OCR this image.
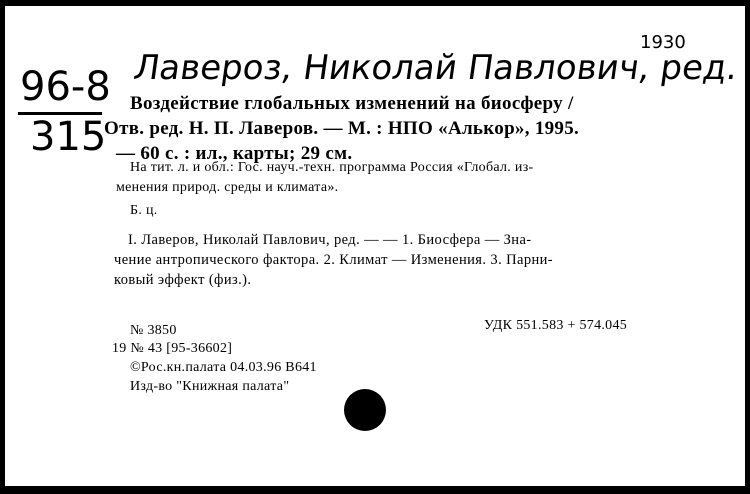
96-8
315
Лавероз, Николай Павлович, ред.
1930
Воздействие глобальных изменений на биосферу /
Отв. ред. Н. П. Лаверов. — М. : НПО «Алькор», 1995.
— 60 с. : ил., карты; 29 см.
На тит. л. и обл.: Гос. науч.-техн. программа Россия «Глобал. из-
менения природ. среды и климата».
Б. ц.
I. Лаверов, Николай Павлович, ред. — — 1. Биосфера — Зна-
чение антропического фактора. 2. Климат — Изменения. 3. Парни-
ковый эффект (физ.).
№ 3850	УДК 551.583 + 574.045
19 № 43 [95-36602]
©Рос.кн.палата 04.03.96 В641
Изд-во "Книжная палата"
